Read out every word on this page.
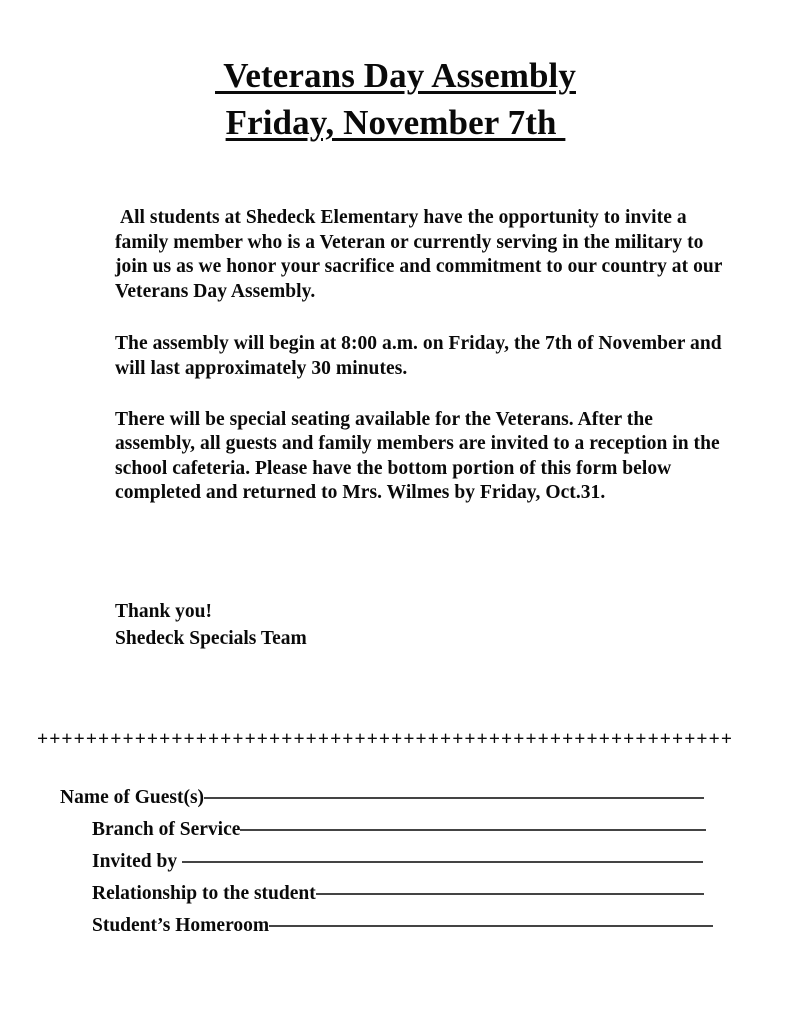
Veterans Day Assembly
Friday, November 7th

All students at Shedeck Elementary have the opportunity to invite a family member who is a Veteran or currently serving in the military to join us as we honor your sacrifice and commitment to our country at our Veterans Day Assembly.

The assembly will begin at 8:00 a.m. on Friday, the 7th of November and will last approximately 30 minutes.

There will be special seating available for the Veterans. After the assembly, all guests and family members are invited to a reception in the school cafeteria. Please have the bottom portion of this form below completed and returned to Mrs. Wilmes by Friday, Oct.31.

Thank you!
Shedeck Specials Team
+++++++++++++++++++++++++++++++++++++++++++++++++++++++++
Name of Guest(s)
Branch of Service
Invited by
Relationship to the student
Student’s Homeroom
